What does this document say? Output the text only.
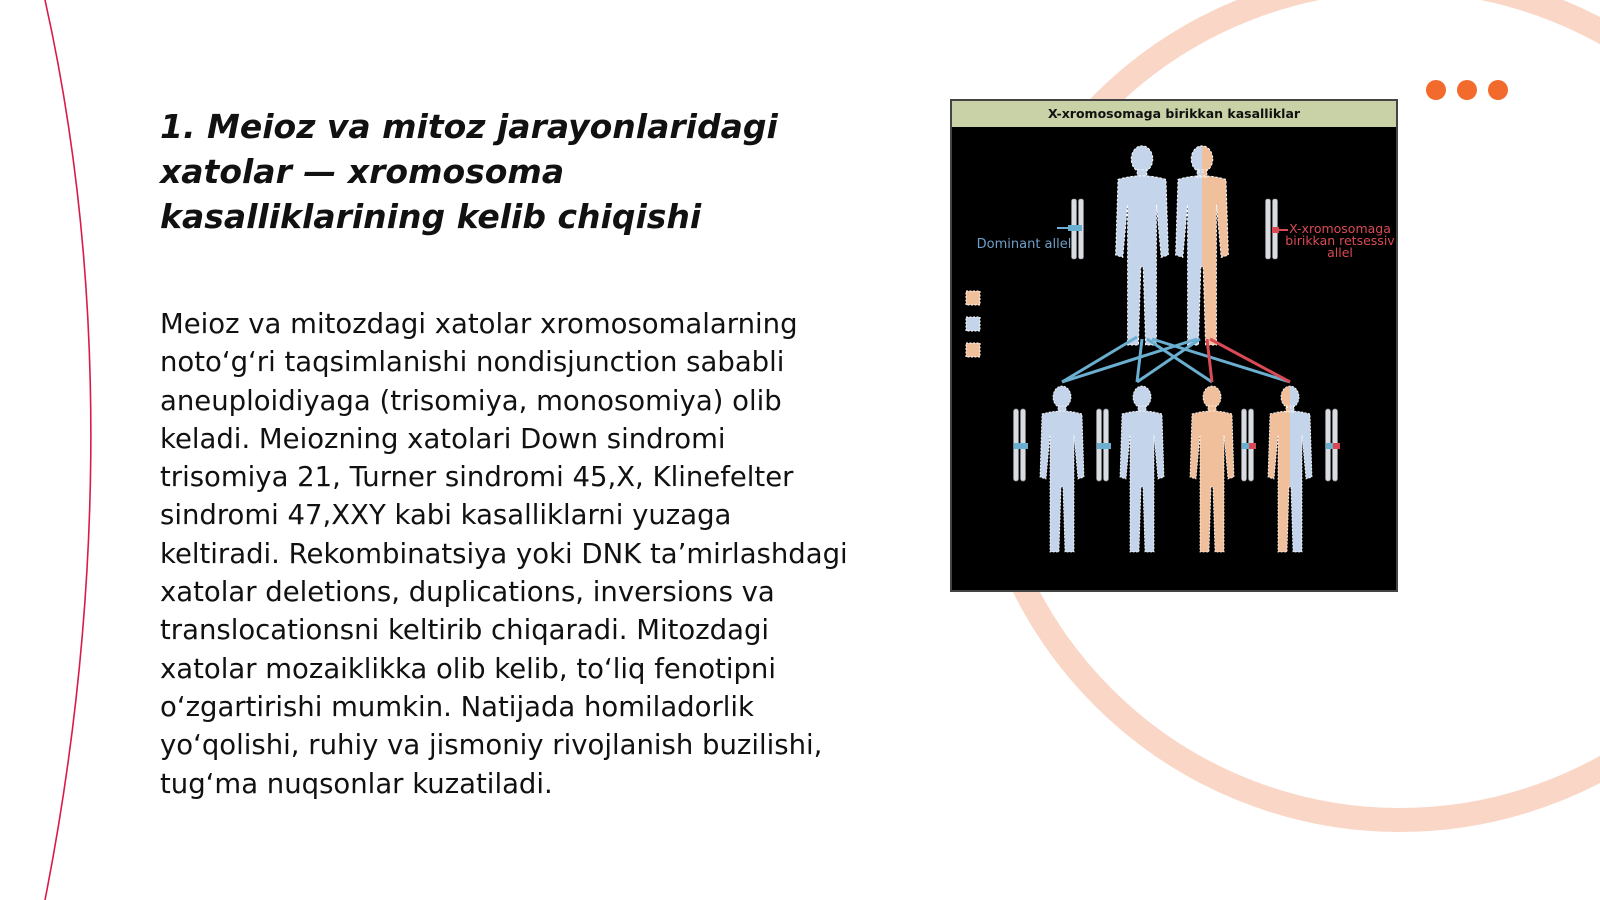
1. Meioz va mitoz jarayonlaridagi xatolar — xromosoma kasalliklarining kelib chiqishi

Meioz va mitozdagi xatolar xromosomalarning noto‘g‘ri taqsimlanishi nondisjunction sababli aneuploidiyaga (trisomiya, monosomiya) olib keladi. Meiozning xatolari Down sindromi trisomiya 21, Turner sindromi 45,X, Klinefelter sindromi 47,XXY kabi kasalliklarni yuzaga keltiradi. Rekombinatsiya yoki DNK ta’mirlashdagi xatolar deletions, duplications, inversions va translocationsni keltirib chiqaradi. Mitozdagi xatolar mozaiklikka olib kelib, to‘liq fenotipni o‘zgartirishi mumkin. Natijada homiladorlik yo‘qolishi, ruhiy va jismoniy rivojlanish buzilishi, tug‘ma nuqsonlar kuzatiladi.

X-xromosomaga birikkan kasalliklar
Dominant allel
X-xromosomaga birikkan retsessiv allel
